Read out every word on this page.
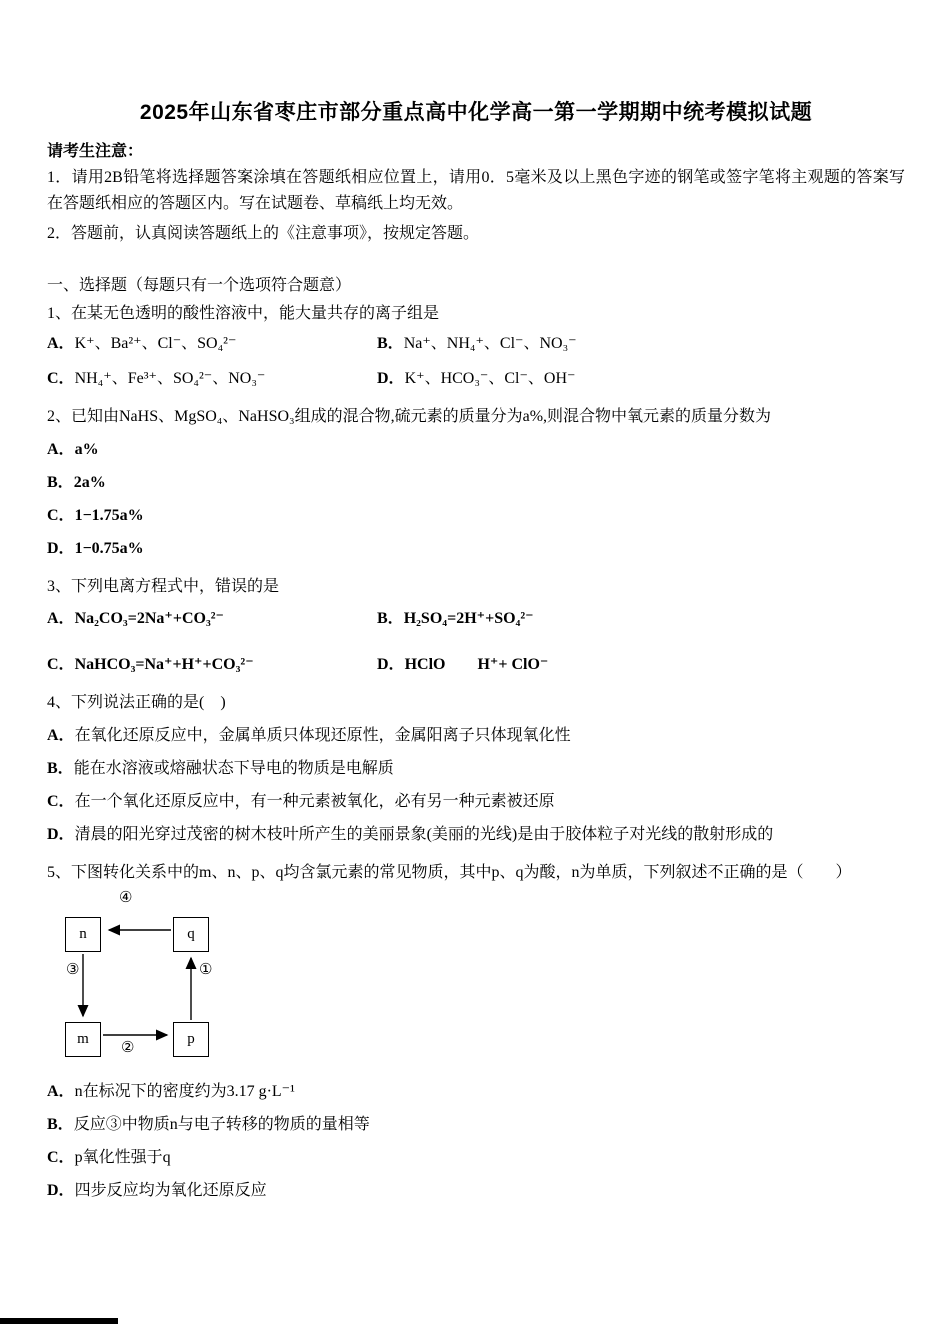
2025年山东省枣庄市部分重点高中化学高一第一学期期中统考模拟试题

请考生注意：

1．请用2B铅笔将选择题答案涂填在答题纸相应位置上，请用0．5毫米及以上黑色字迹的钢笔或签字笔将主观题的答案写在答题纸相应的答题区内。写在试题卷、草稿纸上均无效。

2．答题前，认真阅读答题纸上的《注意事项》，按规定答题。

一、选择题（每题只有一个选项符合题意）

1、在某无色透明的酸性溶液中，能大量共存的离子组是

A．K⁺、Ba²⁺、Cl⁻、SO₄²⁻	B．Na⁺、NH₄⁺、Cl⁻、NO₃⁻

C．NH₄⁺、Fe³⁺、SO₄²⁻、NO₃⁻	D．K⁺、HCO₃⁻、Cl⁻、OH⁻

2、已知由NaHS、MgSO₄、NaHSO₃组成的混合物,硫元素的质量分为a%,则混合物中氧元素的质量分数为

A．a%

B．2a%

C．1−1.75a%

D．1−0.75a%

3、下列电离方程式中，错误的是

A．Na₂CO₃=2Na⁺+CO₃²⁻	B．H₂SO₄=2H⁺+SO₄²⁻

C．NaHCO₃=Na⁺+H⁺+CO₃²⁻	D．HClO　　H⁺+ ClO⁻

4、下列说法正确的是(　)

A．在氧化还原反应中，金属单质只体现还原性，金属阳离子只体现氧化性

B．能在水溶液或熔融状态下导电的物质是电解质

C．在一个氧化还原反应中，有一种元素被氧化，必有另一种元素被还原

D．清晨的阳光穿过茂密的树木枝叶所产生的美丽景象(美丽的光线)是由于胶体粒子对光线的散射形成的

5、下图转化关系中的m、n、p、q均含氯元素的常见物质，其中p、q为酸，n为单质，下列叙述不正确的是（　　）

n	q
m	p
④
③
②
①

A．n在标况下的密度约为3.17 g·L⁻¹

B．反应③中物质n与电子转移的物质的量相等

C．p氧化性强于q

D．四步反应均为氧化还原反应
